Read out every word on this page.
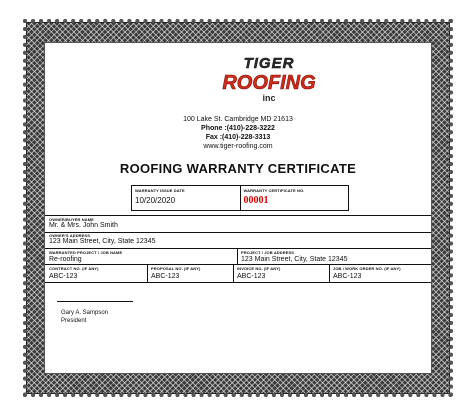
TIGER
ROOFING
inc
100 Lake St. Cambridge MD 21613
Phone :(410)-228-3222
Fax :(410)-228-3313
www.tiger-roofing.com
ROOFING WARRANTY CERTIFICATE
WARRANTY ISSUE DATE
10/20/2020
WARRANTY CERTIFICATE NO.
00001
OWNER/BUYER NAME
Mr. & Mrs. John Smith
OWNER'S ADDRESS
123 Main Street, City, State 12345
WARRANTED PROJECT / JOB NAME
Re-roofing
PROJECT / JOB ADDRESS
123 Main Street, City, State 12345
CONTRACT NO. (IF ANY)
ABC-123
PROPOSAL NO. (IF ANY)
ABC-123
INVOICE NO. (IF ANY)
ABC-123
JOB / WORK ORDER NO. (IF ANY)
ABC-123
Gary A. Sampson
President
